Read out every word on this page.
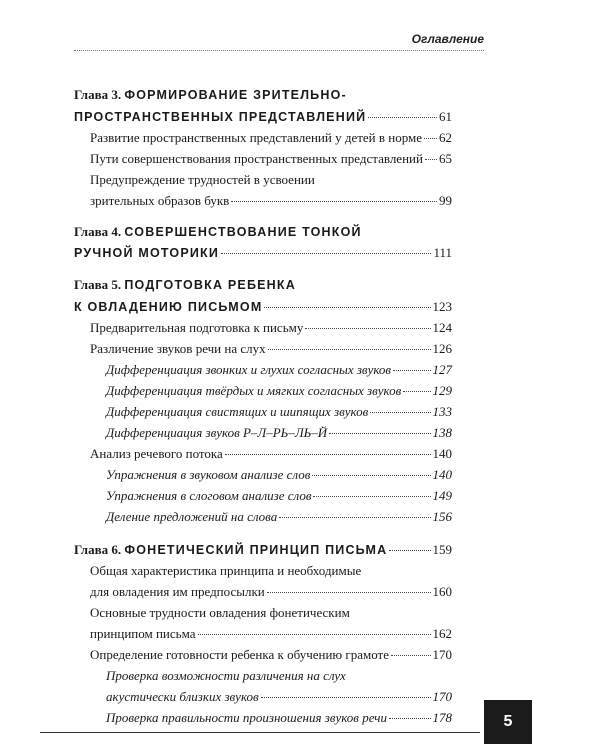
Оглавление
Глава 3. ФОРМИРОВАНИЕ ЗРИТЕЛЬНО-
ПРОСТРАНСТВЕННЫХ ПРЕДСТАВЛЕНИЙ	61
Развитие пространственных представлений у детей в норме 62
Пути совершенствования пространственных представлений 65
Предупреждение трудностей в усвоении
зрительных образов букв	99
Глава 4. СОВЕРШЕНСТВОВАНИЕ ТОНКОЙ
РУЧНОЙ МОТОРИКИ	111
Глава 5. ПОДГОТОВКА РЕБЕНКА
К ОВЛАДЕНИЮ ПИСЬМОМ	123
Предварительная подготовка к письму	124
Различение звуков речи на слух	126
Дифференциация звонких и глухих согласных звуков	127
Дифференциация твёрдых и мягких согласных звуков 129
Дифференциация свистящих и шипящих звуков	133
Дифференциация звуков Р–Л–РЬ–ЛЬ–Й	138
Анализ речевого потока	140
Упражнения в звуковом анализе слов	140
Упражнения в слоговом анализе слов	149
Деление предложений на слова	156
Глава 6. ФОНЕТИЧЕСКИЙ ПРИНЦИП ПИСЬМА	159
Общая характеристика принципа и необходимые
для овладения им предпосылки	160
Основные трудности овладения фонетическим
принципом письма	162
Определение готовности ребенка к обучению грамоте	170
Проверка возможности различения на слух
акустически близких звуков	170
Проверка правильности произношения звуков речи	178	5
